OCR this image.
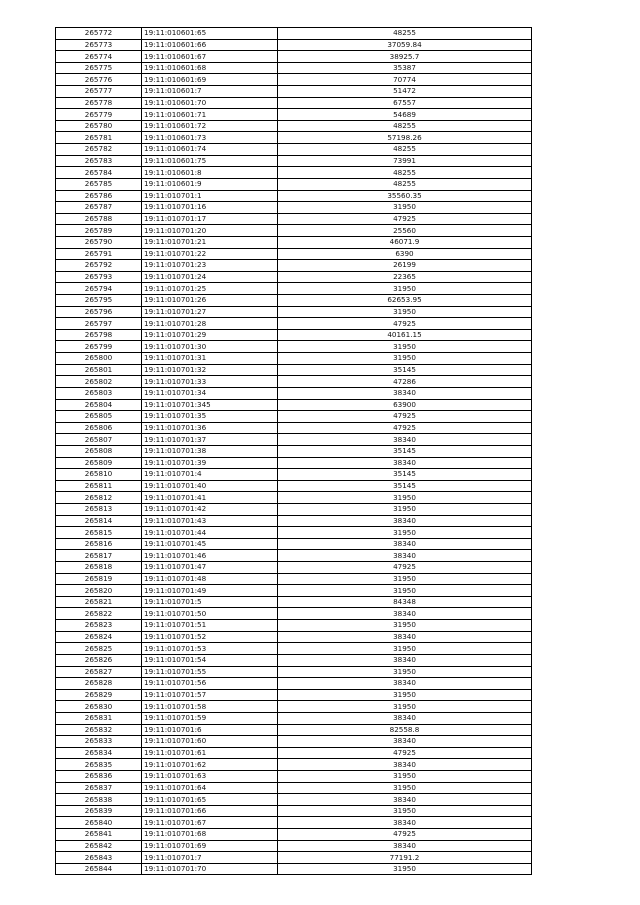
265772	19:11:010601:65	48255
265773	19:11:010601:66	37059.84
265774	19:11:010601:67	38925.7
265775	19:11:010601:68	35387
265776	19:11:010601:69	70774
265777	19:11:010601:7	51472
265778	19:11:010601:70	67557
265779	19:11:010601:71	54689
265780	19:11:010601:72	48255
265781	19:11:010601:73	57198.26
265782	19:11:010601:74	48255
265783	19:11:010601:75	73991
265784	19:11:010601:8	48255
265785	19:11:010601:9	48255
265786	19:11:010701:1	35560.35
265787	19:11:010701:16	31950
265788	19:11:010701:17	47925
265789	19:11:010701:20	25560
265790	19:11:010701:21	46071.9
265791	19:11:010701:22	6390
265792	19:11:010701:23	26199
265793	19:11:010701:24	22365
265794	19:11:010701:25	31950
265795	19:11:010701:26	62653.95
265796	19:11:010701:27	31950
265797	19:11:010701:28	47925
265798	19:11:010701:29	40161.15
265799	19:11:010701:30	31950
265800	19:11:010701:31	31950
265801	19:11:010701:32	35145
265802	19:11:010701:33	47286
265803	19:11:010701:34	38340
265804	19:11:010701:345	63900
265805	19:11:010701:35	47925
265806	19:11:010701:36	47925
265807	19:11:010701:37	38340
265808	19:11:010701:38	35145
265809	19:11:010701:39	38340
265810	19:11:010701:4	35145
265811	19:11:010701:40	35145
265812	19:11:010701:41	31950
265813	19:11:010701:42	31950
265814	19:11:010701:43	38340
265815	19:11:010701:44	31950
265816	19:11:010701:45	38340
265817	19:11:010701:46	38340
265818	19:11:010701:47	47925
265819	19:11:010701:48	31950
265820	19:11:010701:49	31950
265821	19:11:010701:5	84348
265822	19:11:010701:50	38340
265823	19:11:010701:51	31950
265824	19:11:010701:52	38340
265825	19:11:010701:53	31950
265826	19:11:010701:54	38340
265827	19:11:010701:55	31950
265828	19:11:010701:56	38340
265829	19:11:010701:57	31950
265830	19:11:010701:58	31950
265831	19:11:010701:59	38340
265832	19:11:010701:6	82558.8
265833	19:11:010701:60	38340
265834	19:11:010701:61	47925
265835	19:11:010701:62	38340
265836	19:11:010701:63	31950
265837	19:11:010701:64	31950
265838	19:11:010701:65	38340
265839	19:11:010701:66	31950
265840	19:11:010701:67	38340
265841	19:11:010701:68	47925
265842	19:11:010701:69	38340
265843	19:11:010701:7	77191.2
265844	19:11:010701:70	31950
